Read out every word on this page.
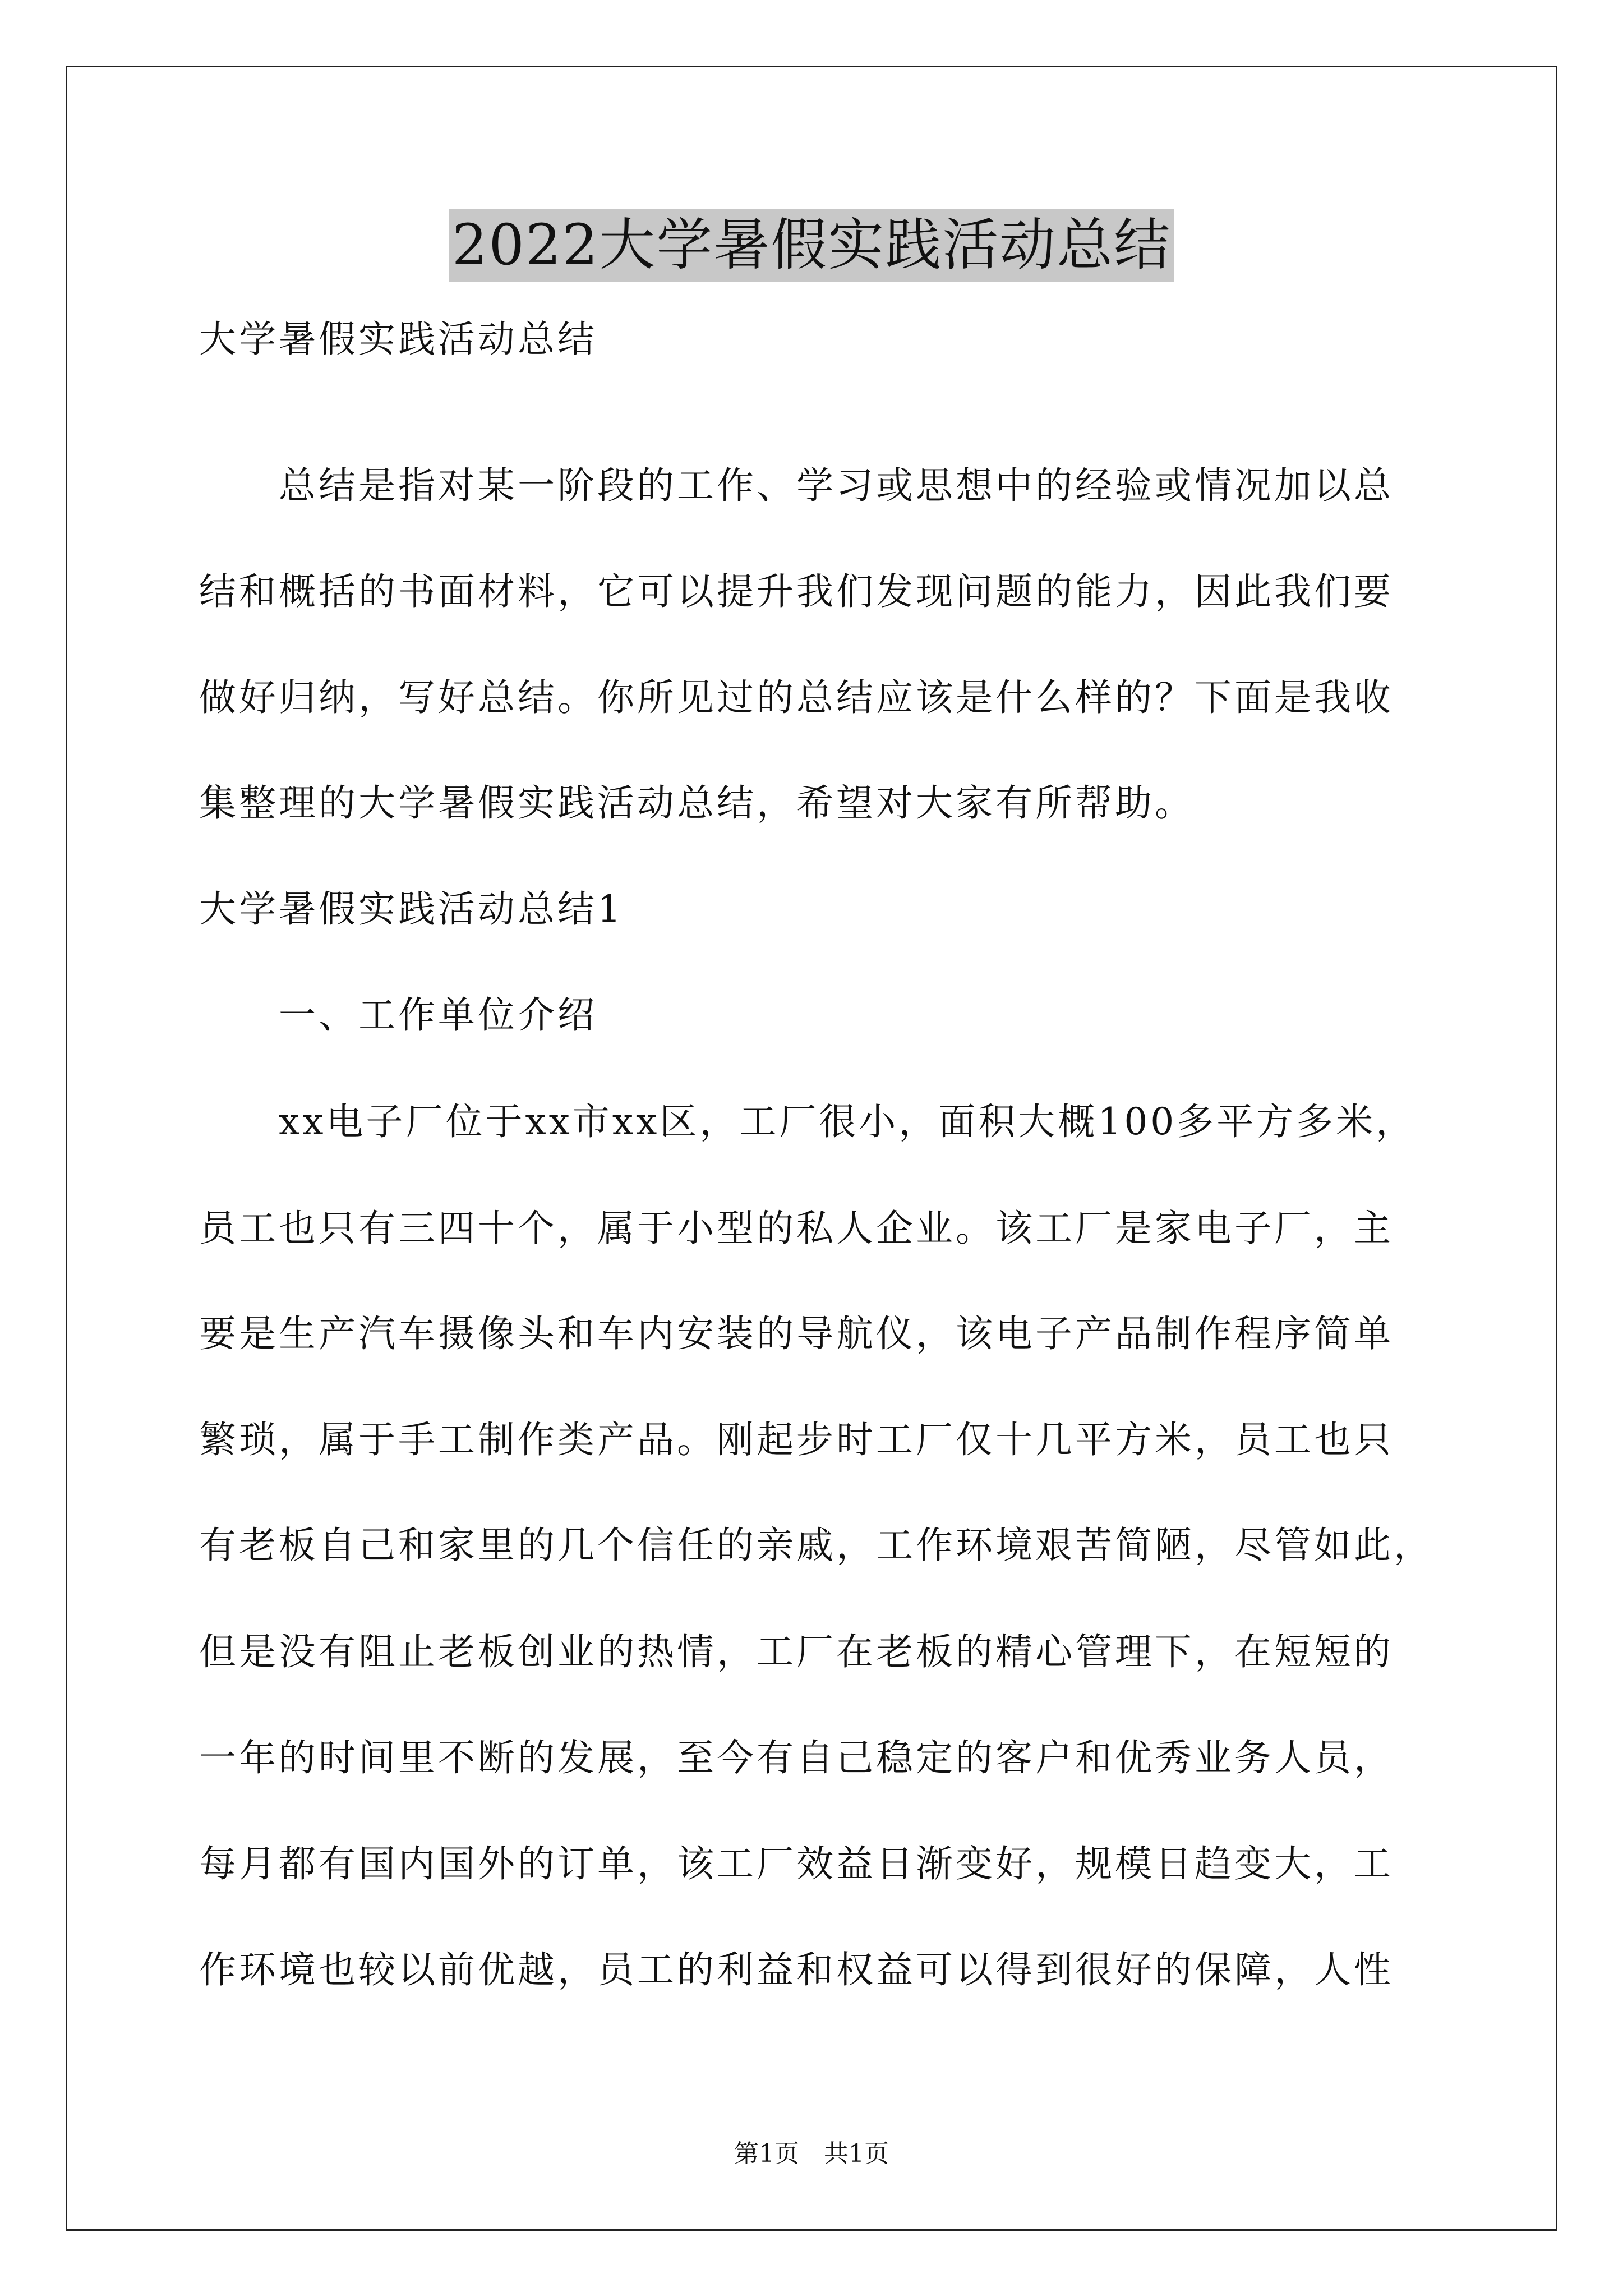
2022大学暑假实践活动总结
大学暑假实践活动总结
　　总结是指对某一阶段的工作、学习或思想中的经验或情况加以总
结和概括的书面材料，它可以提升我们发现问题的能力，因此我们要
做好归纳，写好总结。你所见过的总结应该是什么样的？下面是我收
集整理的大学暑假实践活动总结，希望对大家有所帮助。
大学暑假实践活动总结1
　　一、工作单位介绍
　　xx电子厂位于xx市xx区，工厂很小，面积大概100多平方多米，
员工也只有三四十个，属于小型的私人企业。该工厂是家电子厂，主
要是生产汽车摄像头和车内安装的导航仪，该电子产品制作程序简单
繁琐，属于手工制作类产品。刚起步时工厂仅十几平方米，员工也只
有老板自己和家里的几个信任的亲戚，工作环境艰苦简陋，尽管如此，
但是没有阻止老板创业的热情，工厂在老板的精心管理下，在短短的
一年的时间里不断的发展，至今有自己稳定的客户和优秀业务人员，
每月都有国内国外的订单，该工厂效益日渐变好，规模日趋变大，工
作环境也较以前优越，员工的利益和权益可以得到很好的保障，人性
第1页　共1页
